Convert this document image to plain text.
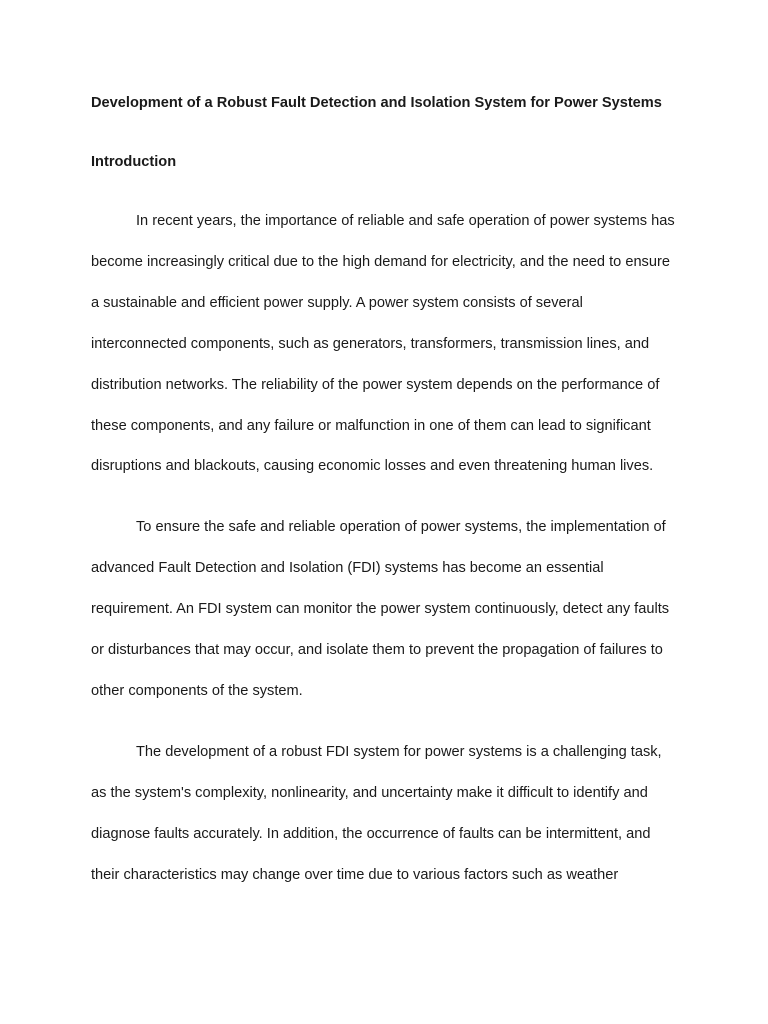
Development of a Robust Fault Detection and Isolation System for Power Systems

Introduction

In recent years, the importance of reliable and safe operation of power systems has become increasingly critical due to the high demand for electricity, and the need to ensure a sustainable and efficient power supply. A power system consists of several interconnected components, such as generators, transformers, transmission lines, and distribution networks. The reliability of the power system depends on the performance of these components, and any failure or malfunction in one of them can lead to significant disruptions and blackouts, causing economic losses and even threatening human lives.

To ensure the safe and reliable operation of power systems, the implementation of advanced Fault Detection and Isolation (FDI) systems has become an essential requirement. An FDI system can monitor the power system continuously, detect any faults or disturbances that may occur, and isolate them to prevent the propagation of failures to other components of the system.

The development of a robust FDI system for power systems is a challenging task, as the system's complexity, nonlinearity, and uncertainty make it difficult to identify and diagnose faults accurately. In addition, the occurrence of faults can be intermittent, and their characteristics may change over time due to various factors such as weather
